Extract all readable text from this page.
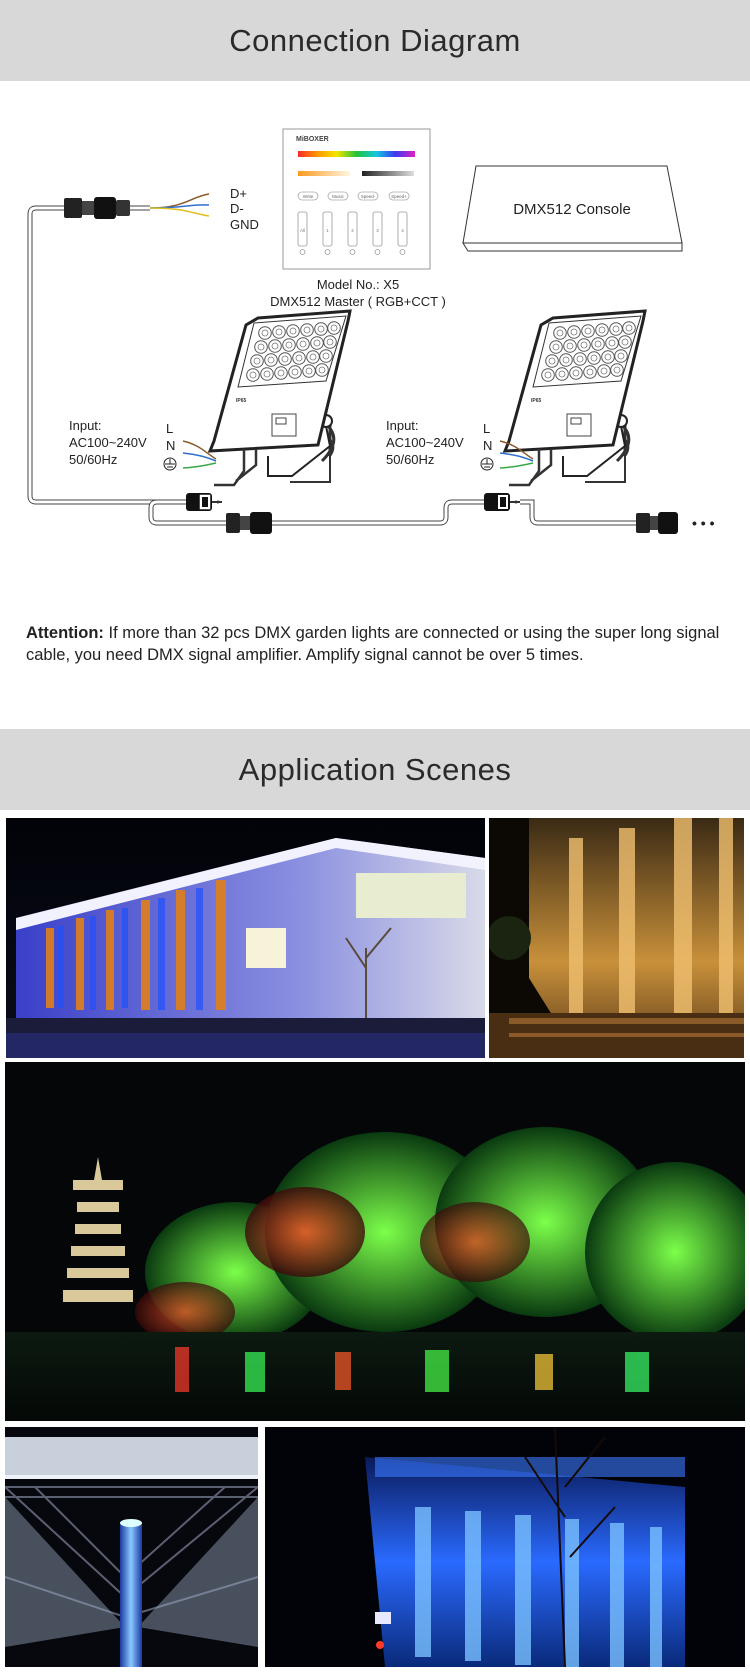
Connection Diagram
MiBOXER
Write	Music	Speed-	Speed+
All	1	2	3	4
Model No.: X5
DMX512 Master ( RGB+CCT )
DMX512 Console
D+
D-
GND
IP65
Input:
AC100~240V
50/60Hz
L
N
IP65
Input:
AC100~240V
50/60Hz
L
N
• • •

Attention: If more than 32 pcs DMX garden lights are connected or using the super long signal cable, you need DMX signal amplifier. Amplify signal cannot be over 5 times.

Application Scenes
